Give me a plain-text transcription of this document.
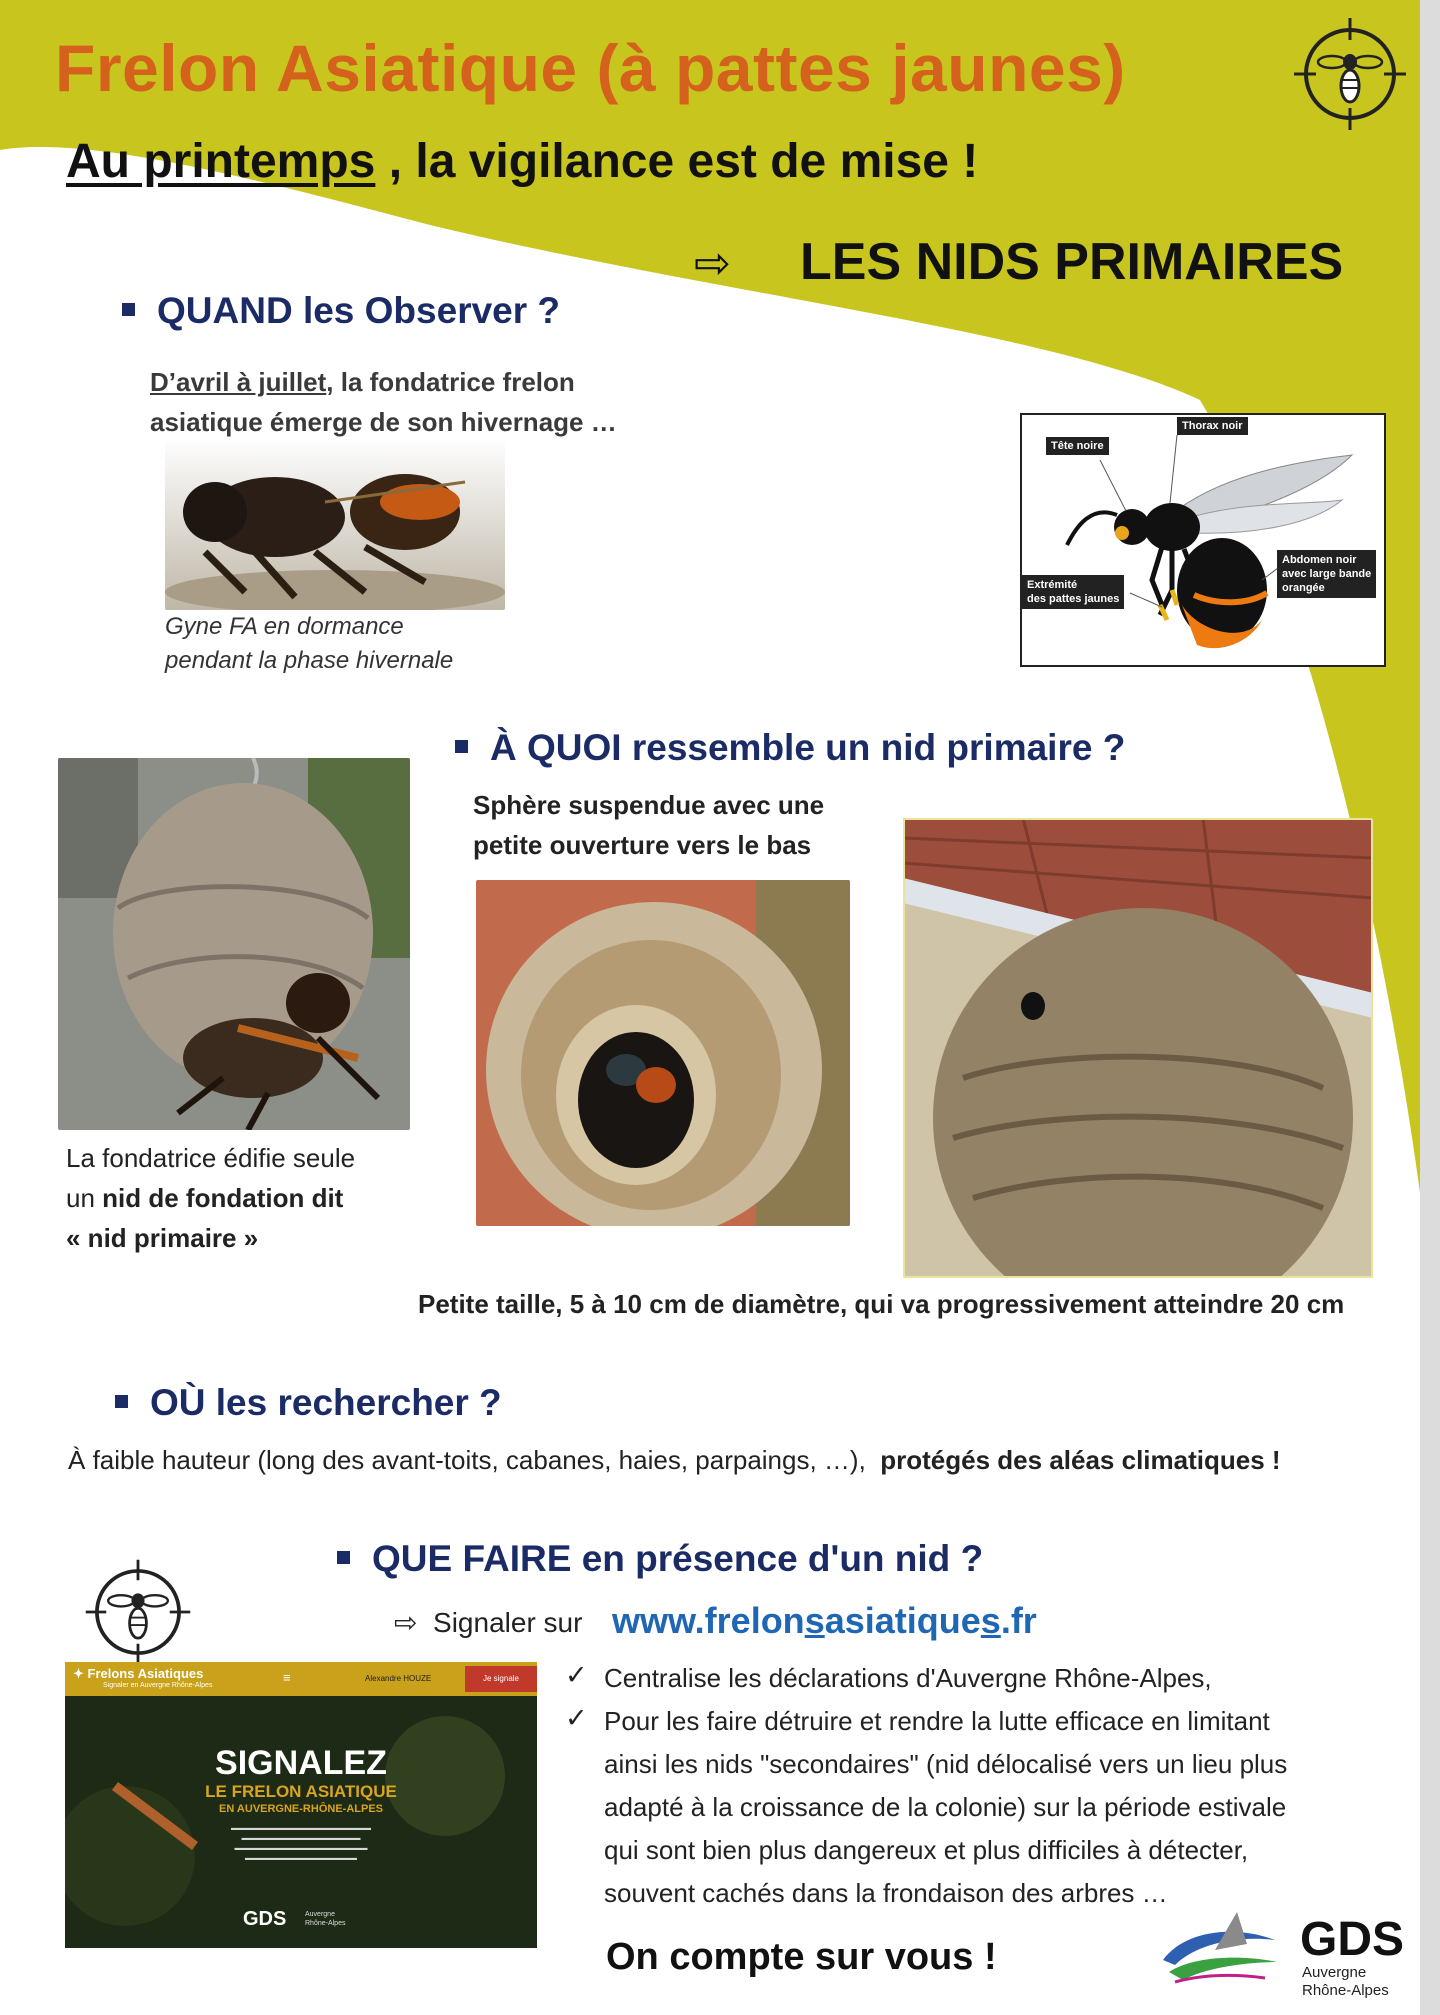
Frelon Asiatique (à pattes jaunes)
Au printemps , la vigilance est de mise !
⇨ LES NIDS PRIMAIRES
QUAND les Observer ?
D’avril à juillet, la fondatrice frelon
asiatique émerge de son hivernage …
Gyne FA en dormance
pendant la phase hivernale
Tête noire
Thorax noir
Extrémité
des pattes jaunes
Abdomen noir
avec large bande
orangée
À QUOI ressemble un nid primaire ?
Sphère suspendue avec une
petite ouverture vers le bas
La fondatrice édifie seule
un nid de fondation dit
« nid primaire »
Petite taille, 5 à 10 cm de diamètre, qui va progressivement atteindre 20 cm
OÙ les rechercher ?
À faible hauteur (long des avant-toits, cabanes, haies, parpaings, …), protégés des aléas climatiques !
QUE FAIRE en présence d'un nid ?
⇨ Signaler sur www.frelonsasiatiques.fr
✦ Frelons Asiatiques
Signaler en Auvergne Rhône-Alpes
≡	Alexandre HOUZE	Je signale
SIGNALEZ
LE FRELON ASIATIQUE
EN AUVERGNE-RHÔNE-ALPES
▬▬▬▬▬▬▬▬▬▬▬▬▬▬▬▬▬▬▬▬
▬▬▬▬▬▬▬▬▬▬▬▬▬▬▬▬▬
▬▬▬▬▬▬▬▬▬▬▬▬▬▬▬▬▬▬▬
▬▬▬▬▬▬▬▬▬▬▬▬▬▬▬▬
GDS	Auvergne
Rhône-Alpes
✓ Centralise les déclarations d'Auvergne Rhône-Alpes,
✓ Pour les faire détruire et rendre la lutte efficace en limitant
ainsi les nids "secondaires" (nid délocalisé vers un lieu plus
adapté à la croissance de la colonie) sur la période estivale
qui sont bien plus dangereux et plus difficiles à détecter,
souvent cachés dans la frondaison des arbres …
On compte sur vous !	GDS
Auvergne
Rhône-Alpes
